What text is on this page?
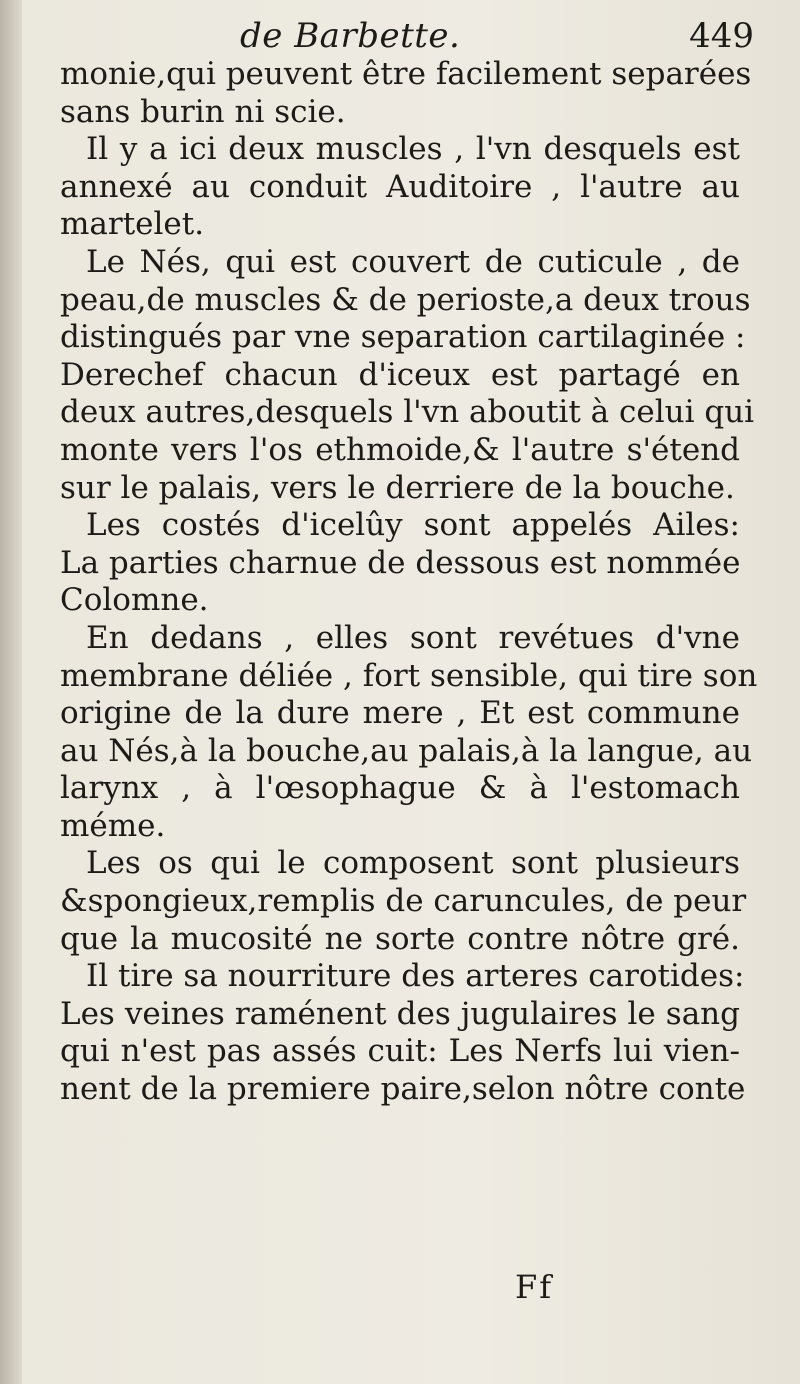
de Barbette.	449
monie,qui peuvent être facilement separées
sans burin ni scie.
Il y a ici deux muscles , l'vn desquels est
annexé au conduit Auditoire , l'autre au
martelet.
Le Nés, qui est couvert de cuticule , de
peau,de muscles & de perioste,a deux trous
distingués par vne separation cartilaginée :
Derechef chacun d'iceux est partagé en
deux autres,desquels l'vn aboutit à celui qui
monte vers l'os ethmoide,& l'autre s'étend
sur le palais, vers le derriere de la bouche.
Les costés d'icelûy sont appelés Ailes:
La parties charnue de dessous est nommée
Colomne.
En dedans , elles sont revétues d'vne
membrane déliée , fort sensible, qui tire son
origine de la dure mere , Et est commune
au Nés,à la bouche,au palais,à la langue, au
larynx , à l'œsophague & à l'estomach
méme.
Les os qui le composent sont plusieurs
&spongieux,remplis de caruncules, de peur
que la mucosité ne sorte contre nôtre gré.
Il tire sa nourriture des arteres carotides:
Les veines raménent des jugulaires le sang
qui n'est pas assés cuit: Les Nerfs lui vien-
nent de la premiere paire,selon nôtre conte
Ff
